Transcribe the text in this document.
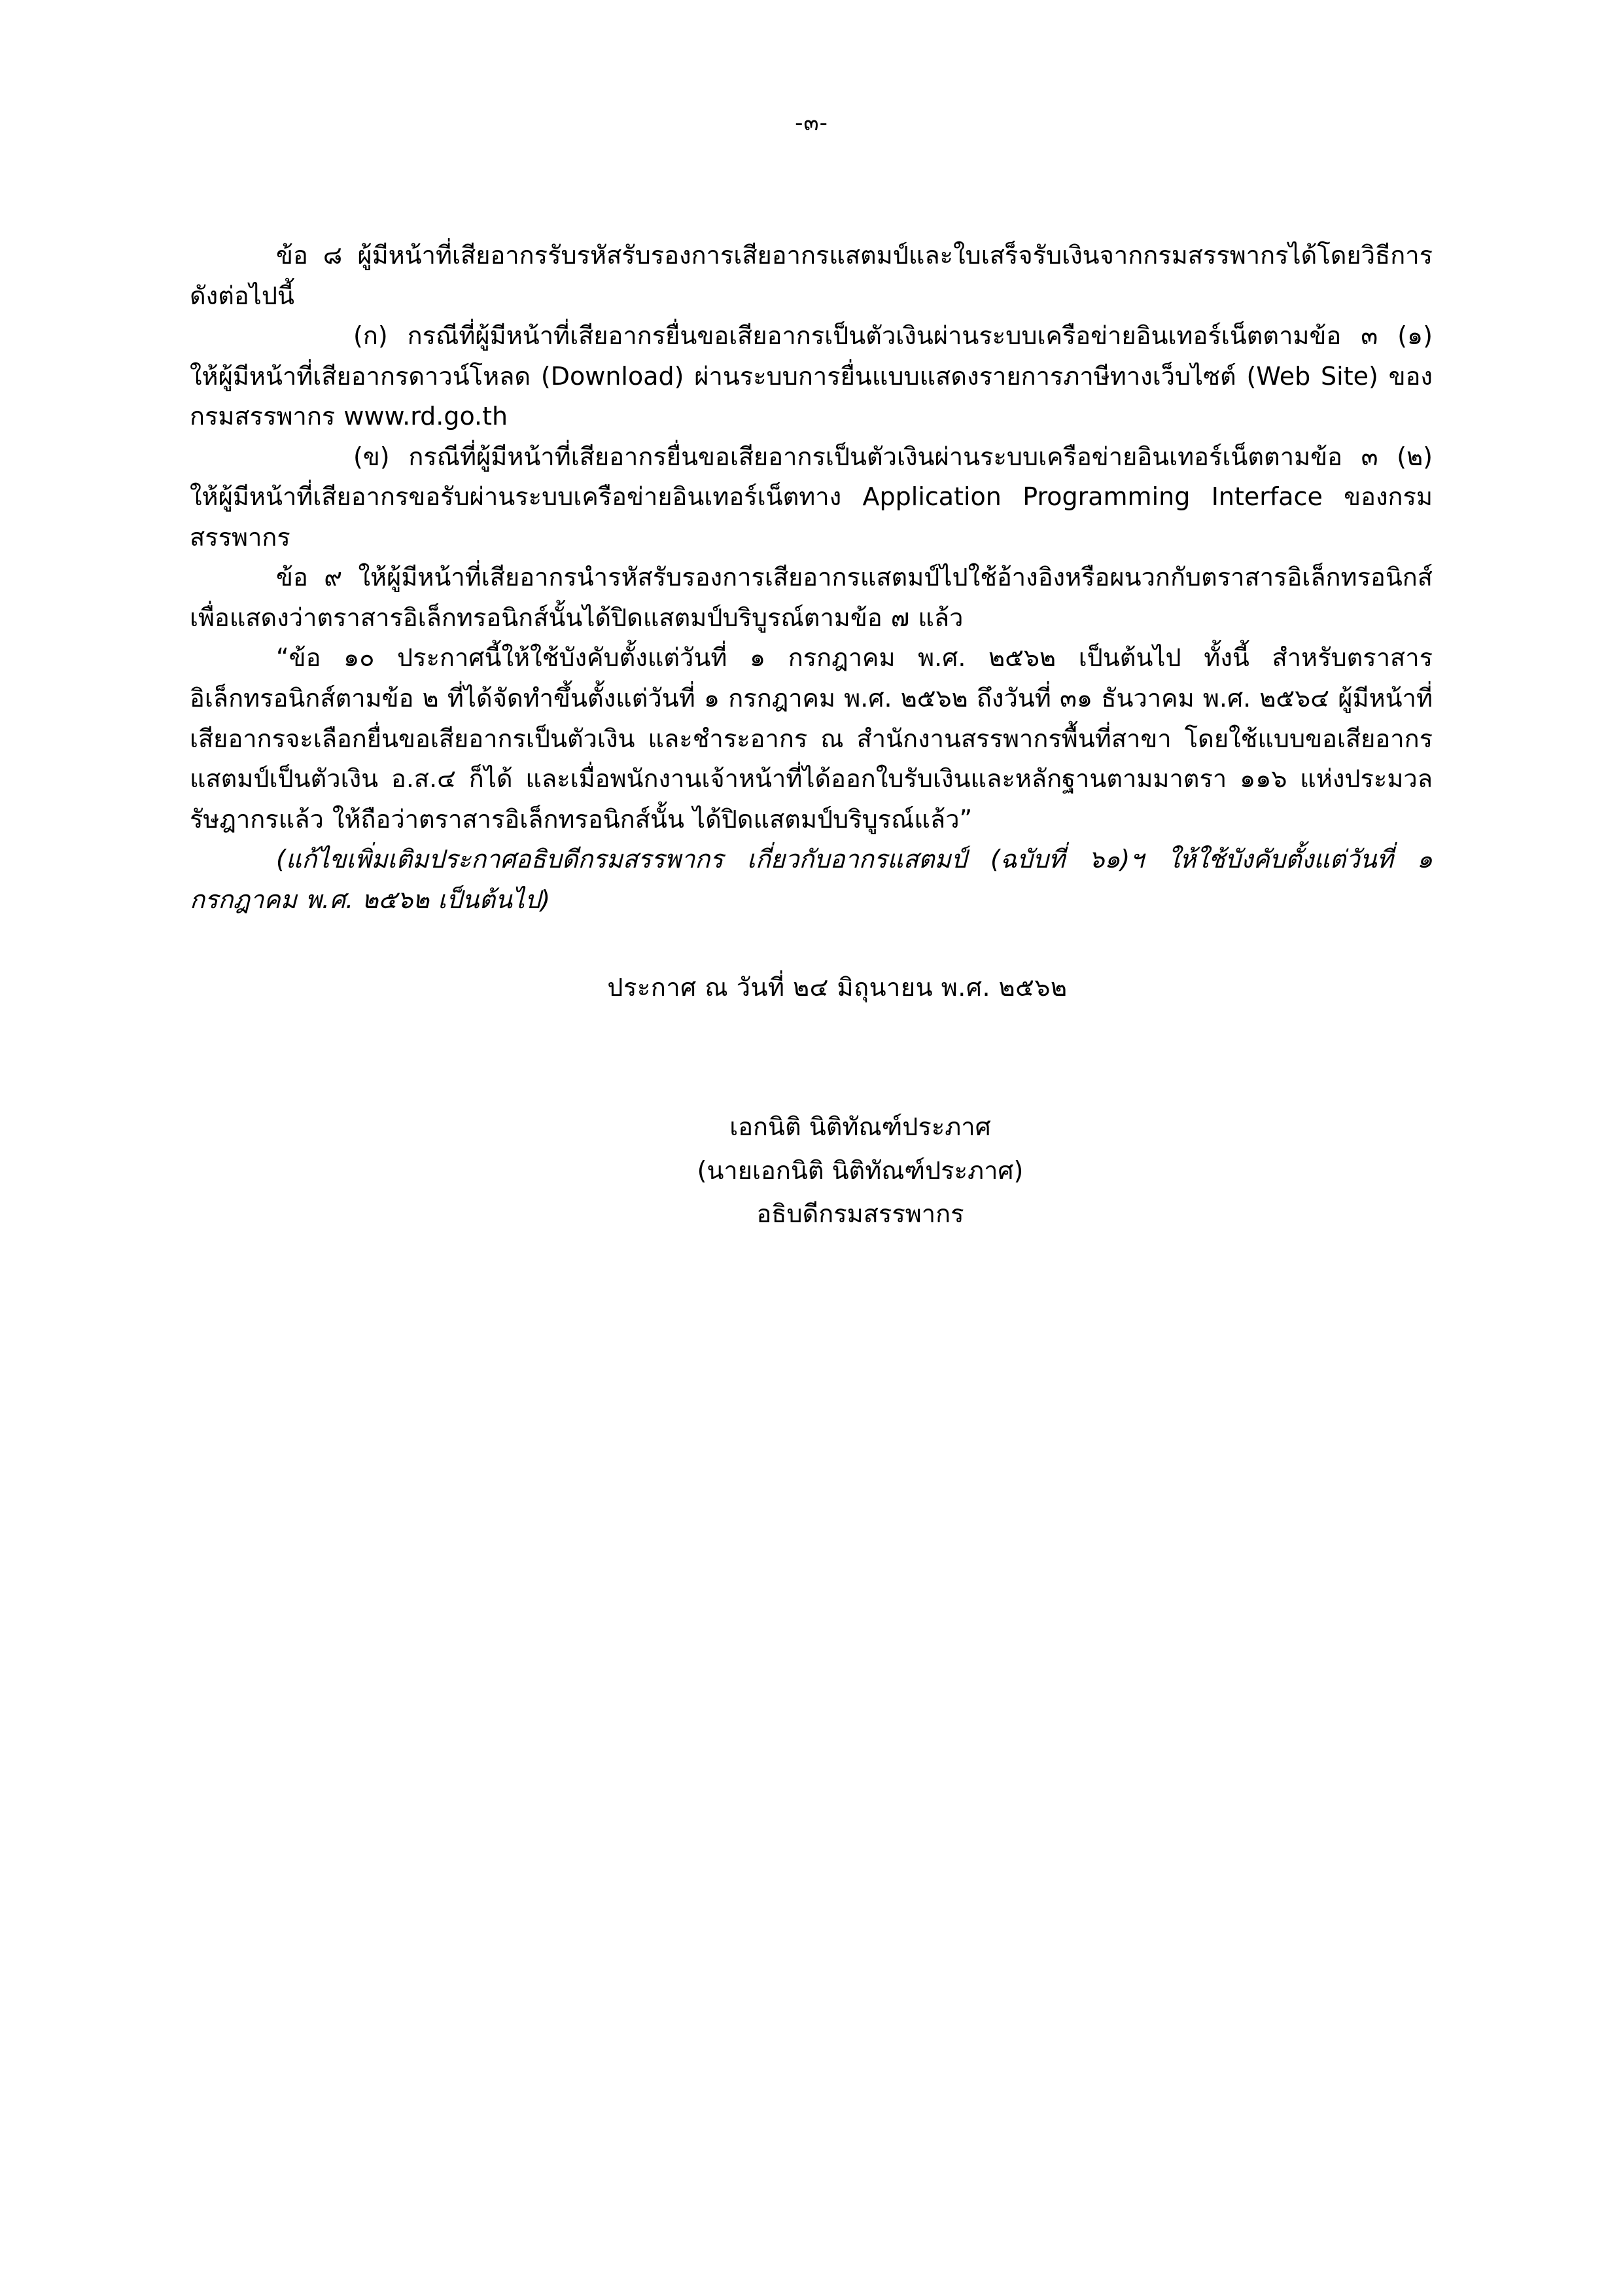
-๓-

ข้อ ๘ ผู้มีหน้าที่เสียอากรรับรหัสรับรองการเสียอากรแสตมป์และใบเสร็จรับเงินจากกรมสรรพากรได้โดยวิธีการดังต่อไปนี้

(ก) กรณีที่ผู้มีหน้าที่เสียอากรยื่นขอเสียอากรเป็นตัวเงินผ่านระบบเครือข่ายอินเทอร์เน็ตตามข้อ ๓ (๑) ให้ผู้มีหน้าที่เสียอากรดาวน์โหลด (Download) ผ่านระบบการยื่นแบบแสดงรายการภาษีทางเว็บไซต์ (Web Site) ของกรมสรรพากร www.rd.go.th

(ข) กรณีที่ผู้มีหน้าที่เสียอากรยื่นขอเสียอากรเป็นตัวเงินผ่านระบบเครือข่ายอินเทอร์เน็ตตามข้อ ๓ (๒) ให้ผู้มีหน้าที่เสียอากรขอรับผ่านระบบเครือข่ายอินเทอร์เน็ตทาง Application Programming Interface ของกรมสรรพากร

ข้อ ๙ ให้ผู้มีหน้าที่เสียอากรนำรหัสรับรองการเสียอากรแสตมป์ไปใช้อ้างอิงหรือผนวกกับตราสารอิเล็กทรอนิกส์เพื่อแสดงว่าตราสารอิเล็กทรอนิกส์นั้นได้ปิดแสตมป์บริบูรณ์ตามข้อ ๗ แล้ว

“ข้อ ๑๐ ประกาศนี้ให้ใช้บังคับตั้งแต่วันที่ ๑ กรกฎาคม พ.ศ. ๒๕๖๒ เป็นต้นไป ทั้งนี้ สำหรับตราสารอิเล็กทรอนิกส์ตามข้อ ๒ ที่ได้จัดทำขึ้นตั้งแต่วันที่ ๑ กรกฎาคม พ.ศ. ๒๕๖๒ ถึงวันที่ ๓๑ ธันวาคม พ.ศ. ๒๕๖๔ ผู้มีหน้าที่เสียอากรจะเลือกยื่นขอเสียอากรเป็นตัวเงิน และชำระอากร ณ สำนักงานสรรพากรพื้นที่สาขา โดยใช้แบบขอเสียอากรแสตมป์เป็นตัวเงิน อ.ส.๔ ก็ได้ และเมื่อพนักงานเจ้าหน้าที่ได้ออกใบรับเงินและหลักฐานตามมาตรา ๑๑๖ แห่งประมวลรัษฎากรแล้ว ให้ถือว่าตราสารอิเล็กทรอนิกส์นั้น ได้ปิดแสตมป์บริบูรณ์แล้ว”

(แก้ไขเพิ่มเติมประกาศอธิบดีกรมสรรพากร เกี่ยวกับอากรแสตมป์ (ฉบับที่ ๖๑)ฯ ให้ใช้บังคับตั้งแต่วันที่ ๑ กรกฎาคม พ.ศ. ๒๕๖๒ เป็นต้นไป)

ประกาศ ณ วันที่ ๒๔ มิถุนายน พ.ศ. ๒๕๖๒
เอกนิติ นิติทัณฑ์ประภาศ
(นายเอกนิติ นิติทัณฑ์ประภาศ)
อธิบดีกรมสรรพากร
